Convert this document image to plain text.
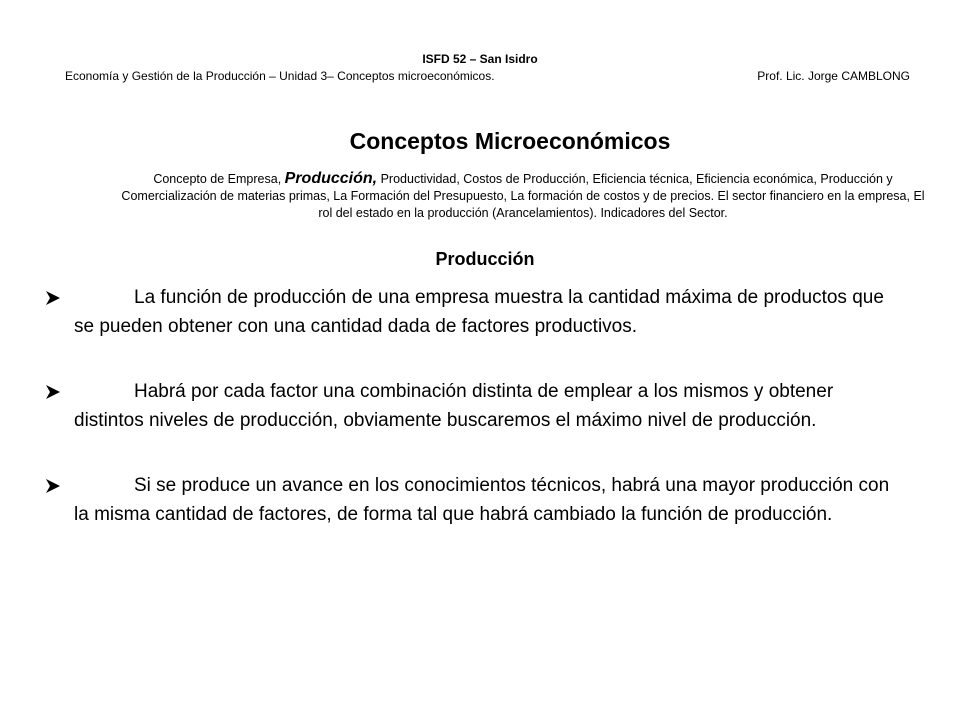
ISFD 52 – San Isidro
Economía y Gestión de la Producción – Unidad 3– Conceptos microeconómicos.	Prof. Lic. Jorge CAMBLONG
Conceptos Microeconómicos
Concepto de Empresa, Producción, Productividad, Costos de Producción, Eficiencia técnica, Eficiencia económica, Producción y Comercialización de materias primas, La Formación del Presupuesto, La formación de costos y de precios. El sector financiero en la empresa, El rol del estado en la producción (Arancelamientos). Indicadores del Sector.
Producción
La función de producción de una empresa muestra la cantidad máxima de productos que se pueden obtener con una cantidad dada de factores productivos.
Habrá por cada factor una combinación distinta de emplear a los mismos y obtener distintos niveles de producción, obviamente buscaremos el máximo nivel de producción.
Si se produce un avance en los conocimientos técnicos, habrá una mayor producción con la misma cantidad de factores, de forma tal que habrá cambiado la función de producción.
